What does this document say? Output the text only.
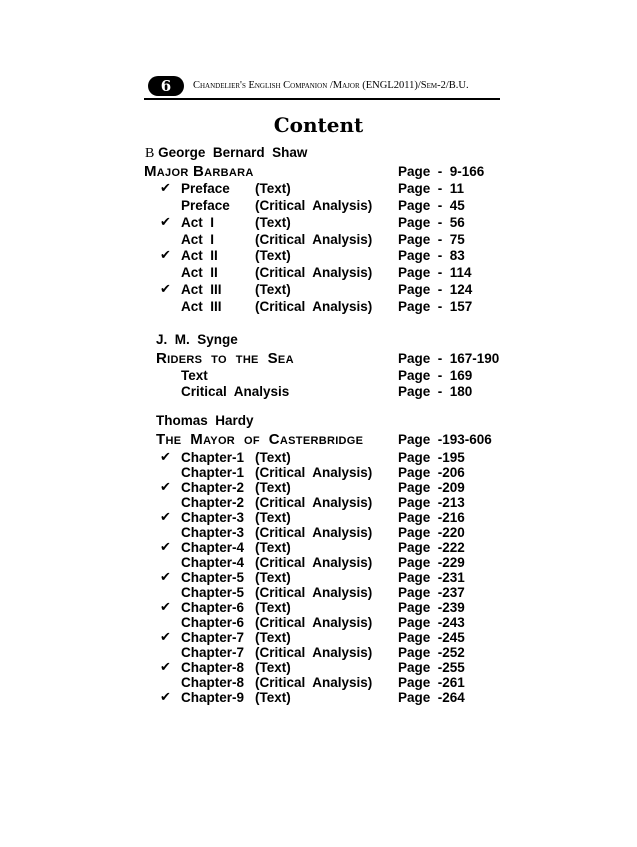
6	Chandelier's English Companion /Major (ENGL2011)/Sem-2/B.U.
Content
B George  Bernard  Shaw
Major Barbara	Page  -  9-166
✔ Preface (Text)	Page  -  11
Preface (Critical  Analysis) Page  -  45
✔ Act  I	(Text)	Page  -  56
Act  I	(Critical  Analysis) Page  -  75
✔ Act  II	(Text)	Page  -  83
Act  II	(Critical  Analysis) Page  -  114
✔ Act  III (Text)	Page  -  124
Act  III (Critical  Analysis) Page  -  157
J.  M.  Synge
Riders  to  the  Sea	Page  -  167-190
Text	Page  -  169
Critical  Analysis	Page  -  180
Thomas  Hardy
The  Mayor  of  Casterbridge	Page  -193-606
✔ Chapter-1 (Text)	Page  -195
Chapter-1 (Critical  Analysis) Page  -206
✔ Chapter-2 (Text)	Page  -209
Chapter-2 (Critical  Analysis) Page  -213
✔ Chapter-3 (Text)	Page  -216
Chapter-3 (Critical  Analysis) Page  -220
✔ Chapter-4 (Text)	Page  -222
Chapter-4 (Critical  Analysis) Page  -229
✔ Chapter-5 (Text)	Page  -231
Chapter-5 (Critical  Analysis) Page  -237
✔ Chapter-6 (Text)	Page  -239
Chapter-6 (Critical  Analysis) Page  -243
✔ Chapter-7 (Text)	Page  -245
Chapter-7 (Critical  Analysis) Page  -252
✔ Chapter-8 (Text)	Page  -255
Chapter-8 (Critical  Analysis) Page  -261
✔ Chapter-9 (Text)	Page  -264
